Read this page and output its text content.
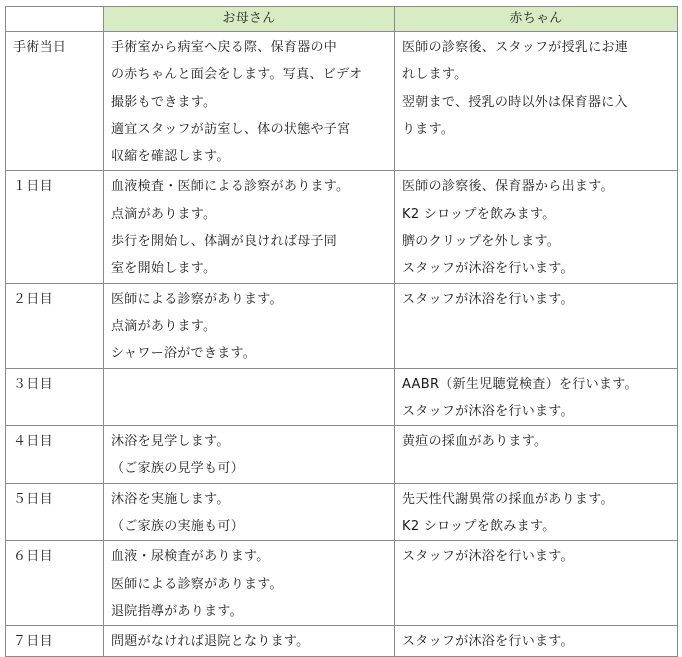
	お母さん	赤ちゃん

手術当日	手術室から病室へ戻る際、保育器の中
の赤ちゃんと面会をします。写真、ビデオ
撮影もできます。
適宜スタッフが訪室し、体の状態や子宮
収縮を確認します。	医師の診察後、スタッフが授乳にお連
れします。
翌朝まで、授乳の時以外は保育器に入
ります。

１日目	血液検査・医師による診察があります。
点滴があります。
歩行を開始し、体調が良ければ母子同
室を開始します。	医師の診察後、保育器から出ます。
K2 シロップを飲みます。
臍のクリップを外します。
スタッフが沐浴を行います。

２日目	医師による診察があります。
点滴があります。
シャワー浴ができます。	スタッフが沐浴を行います。

３日目		AABR（新生児聴覚検査）を行います。
スタッフが沐浴を行います。

４日目	沐浴を見学します。
（ご家族の見学も可）	黄疸の採血があります。

５日目	沐浴を実施します。
（ご家族の実施も可）	先天性代謝異常の採血があります。
K2 シロップを飲みます。

６日目	血液・尿検査があります。
医師による診察があります。
退院指導があります。	スタッフが沐浴を行います。

７日目	問題がなければ退院となります。	スタッフが沐浴を行います。
